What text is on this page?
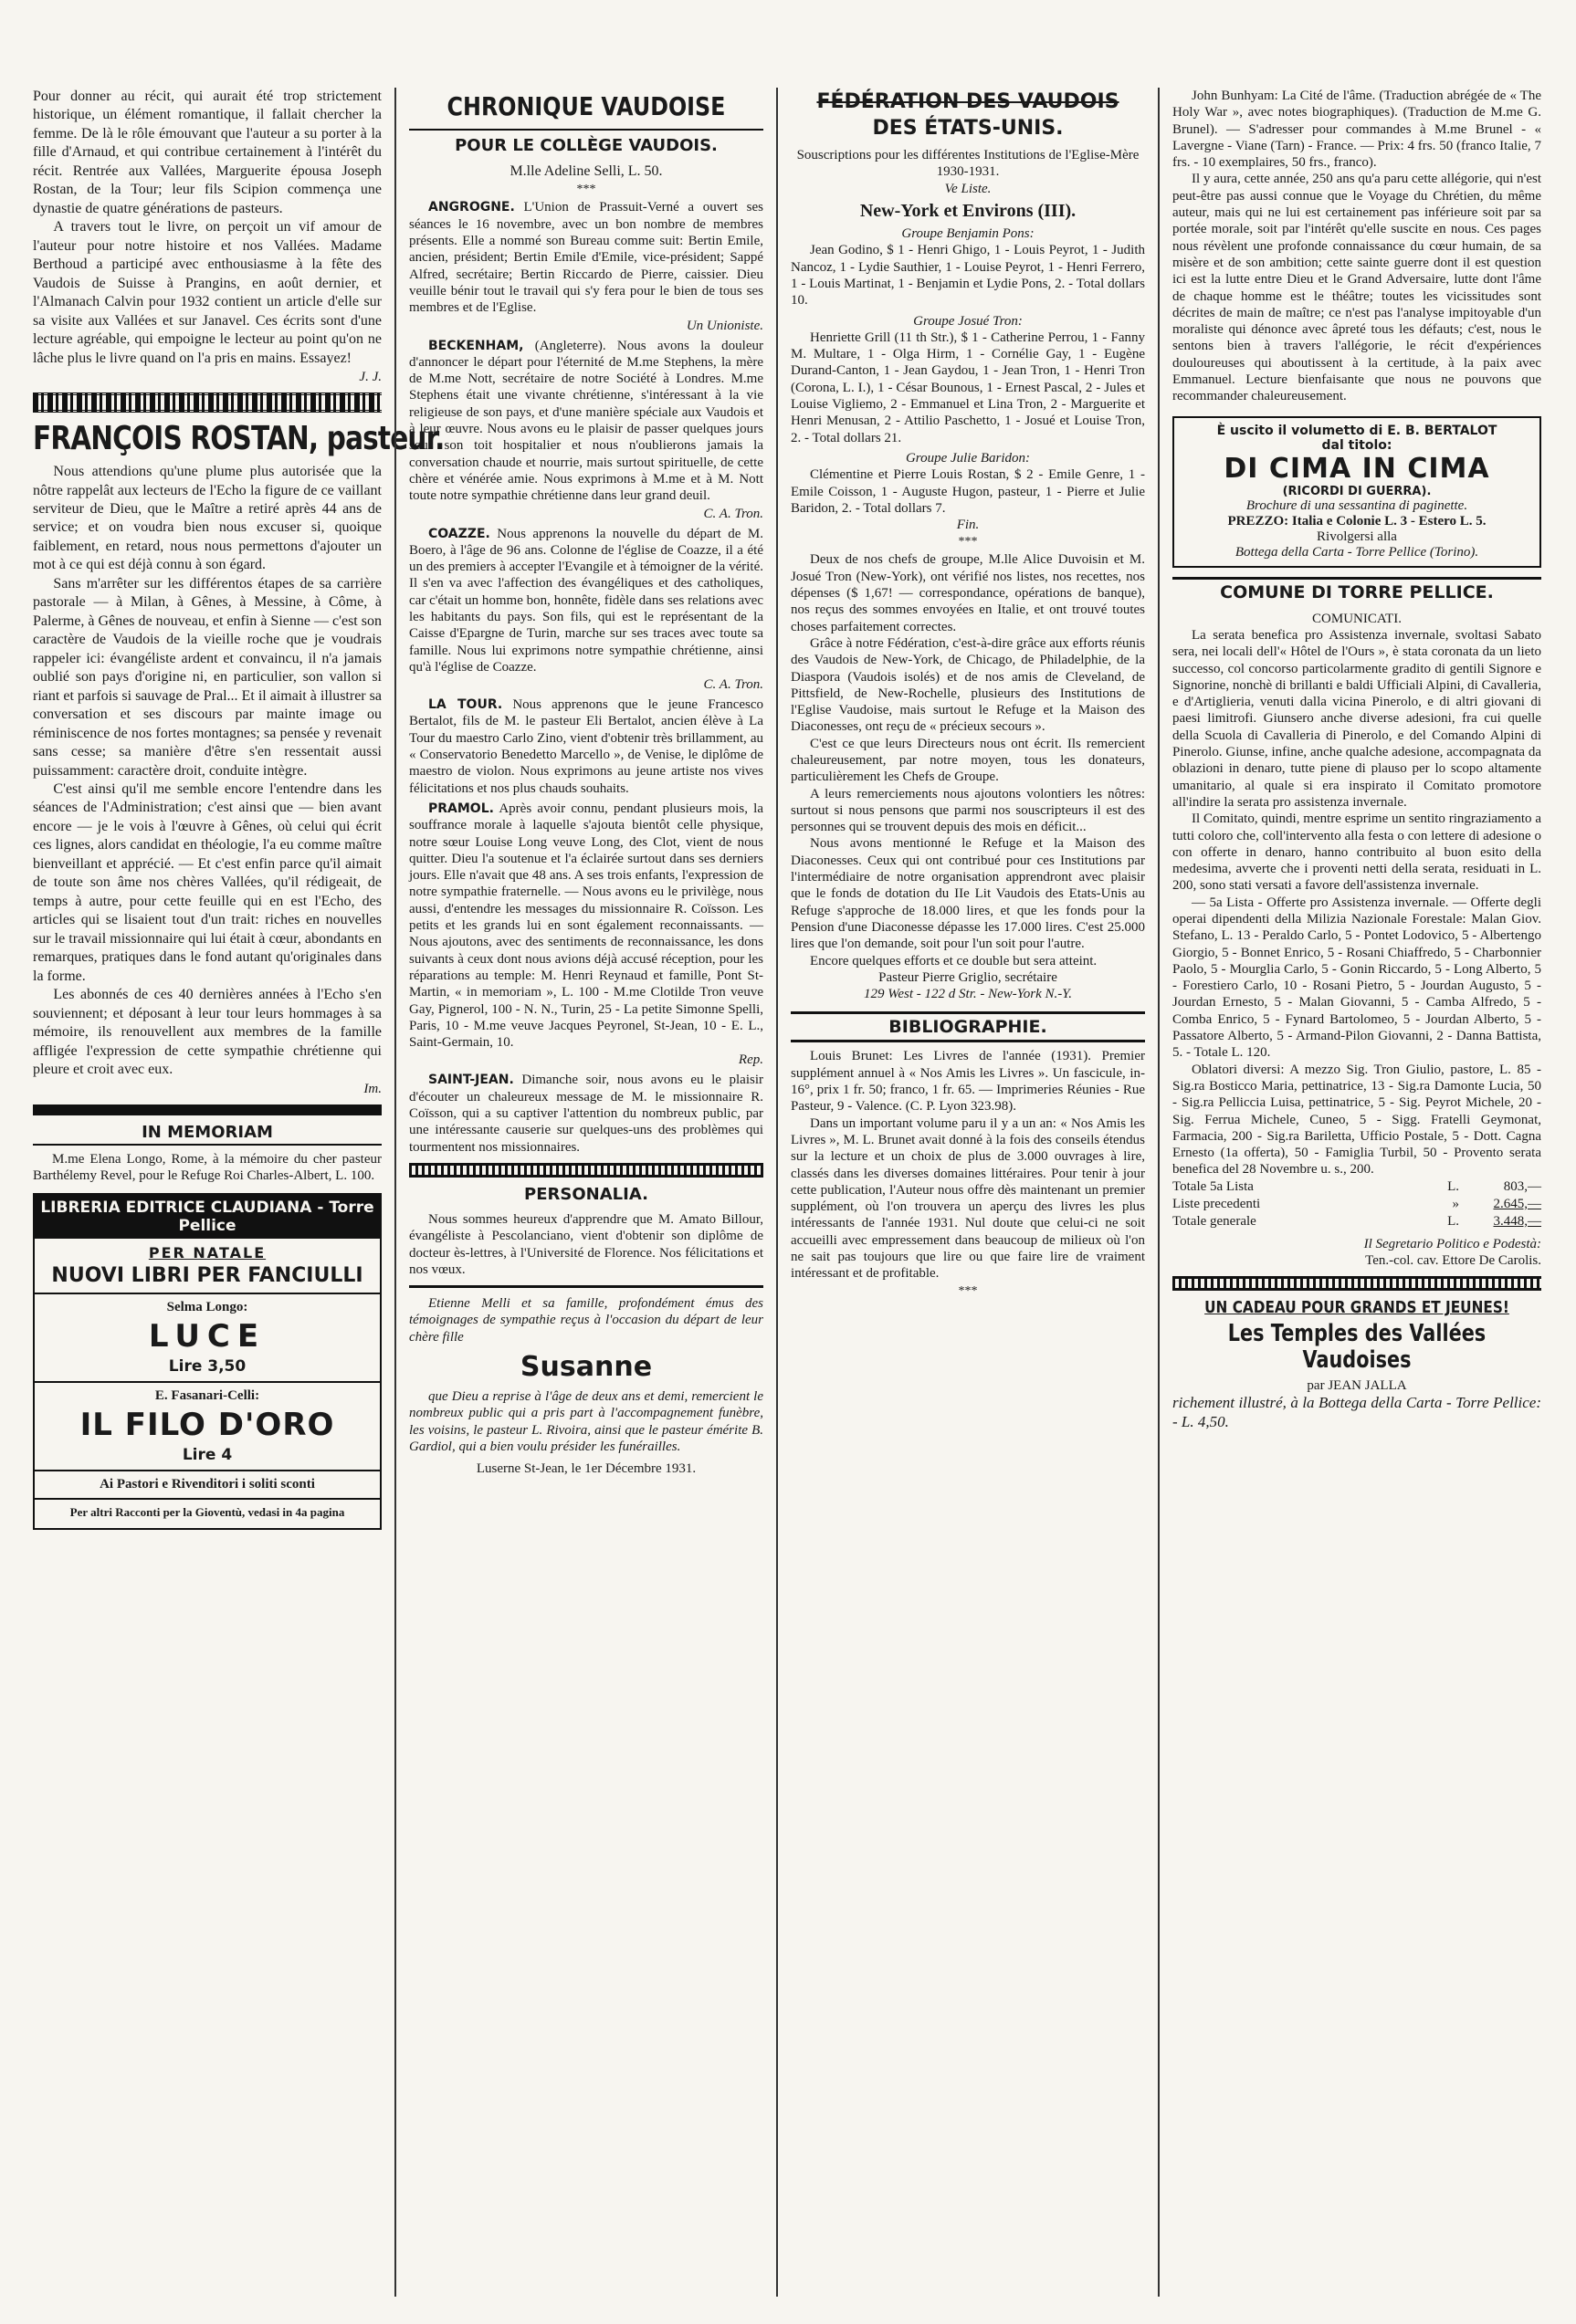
Pour donner au récit, qui aurait été trop strictement historique, un élément romantique, il fallait chercher la femme. De là le rôle émouvant que l'auteur a su porter à la fille d'Arnaud, et qui contribue certainement à l'intérêt du récit. Rentrée aux Vallées, Marguerite épousa Joseph Rostan, de la Tour; leur fils Scipion commença une dynastie de quatre générations de pasteurs.

A travers tout le livre, on perçoit un vif amour de l'auteur pour notre histoire et nos Vallées. Madame Berthoud a participé avec enthousiasme à la fête des Vaudois de Suisse à Prangins, en août dernier, et l'Almanach Calvin pour 1932 contient un article d'elle sur sa visite aux Vallées et sur Janavel. Ces écrits sont d'une lecture agréable, qui empoigne le lecteur au point qu'on ne lâche plus le livre quand on l'a pris en mains. Essayez!

J. J.
FRANÇOIS ROSTAN, pasteur.

Nous attendions qu'une plume plus autorisée que la nôtre rappelât aux lecteurs de l'Echo la figure de ce vaillant serviteur de Dieu, que le Maître a retiré après 44 ans de service; et on voudra bien nous excuser si, quoique faiblement, en retard, nous nous permettons d'ajouter un mot à ce qui est déjà connu à son égard.

Sans m'arrêter sur les différentos étapes de sa carrière pastorale — à Milan, à Gênes, à Messine, à Côme, à Palerme, à Gênes de nouveau, et enfin à Sienne — c'est son caractère de Vaudois de la vieille roche que je voudrais rappeler ici: évangéliste ardent et convaincu, il n'a jamais oublié son pays d'origine ni, en particulier, son vallon si riant et parfois si sauvage de Pral... Et il aimait à illustrer sa conversation et ses discours par mainte image ou réminiscence de nos fortes montagnes; sa pensée y revenait sans cesse; sa manière d'être s'en ressentait aussi puissamment: caractère droit, conduite intègre.

C'est ainsi qu'il me semble encore l'entendre dans les séances de l'Administration; c'est ainsi que — bien avant encore — je le vois à l'œuvre à Gênes, où celui qui écrit ces lignes, alors candidat en théologie, l'a eu comme maître bienveillant et apprécié. — Et c'est enfin parce qu'il aimait de toute son âme nos chères Vallées, qu'il rédigeait, de temps à autre, pour cette feuille qui en est l'Echo, des articles qui se lisaient tout d'un trait: riches en nouvelles sur le travail missionnaire qui lui était à cœur, abondants en remarques, pratiques dans le fond autant qu'originales dans la forme.

Les abonnés de ces 40 dernières années à l'Echo s'en souviennent; et déposant à leur tour leurs hommages à sa mémoire, ils renouvellent aux membres de la famille affligée l'expression de cette sympathie chrétienne qui pleure et croit avec eux.

Im.
IN MEMORIAM

M.me Elena Longo, Rome, à la mémoire du cher pasteur Barthélemy Revel, pour le Refuge Roi Charles-Albert, L. 100.

LIBRERIA EDITRICE CLAUDIANA - Torre Pellice
PER NATALE
NUOVI LIBRI PER FANCIULLI
Selma Longo:
LUCE
Lire 3,50
E. Fasanari-Celli:
IL FILO D'ORO
Lire 4
Ai Pastori e Rivenditori i soliti sconti
Per altri Racconti per la Gioventù, vedasi in 4a pagina
CHRONIQUE VAUDOISE
POUR LE COLLÈGE VAUDOIS.

M.lle Adeline Selli, L. 50.

***

ANGROGNE. L'Union de Prassuit-Verné a ouvert ses séances le 16 novembre, avec un bon nombre de membres présents. Elle a nommé son Bureau comme suit: Bertin Emile, ancien, président; Bertin Emile d'Emile, vice-président; Sappé Alfred, secrétaire; Bertin Riccardo de Pierre, caissier. Dieu veuille bénir tout le travail qui s'y fera pour le bien de tous ses membres et de l'Eglise.

Un Unioniste.

BECKENHAM, (Angleterre). Nous avons la douleur d'annoncer le départ pour l'éternité de M.me Stephens, la mère de M.me Nott, secrétaire de notre Société à Londres. M.me Stephens était une vivante chrétienne, s'intéressant à la vie religieuse de son pays, et d'une manière spéciale aux Vaudois et à leur œuvre. Nous avons eu le plaisir de passer quelques jours sous son toit hospitalier et nous n'oublierons jamais la conversation chaude et nourrie, mais surtout spirituelle, de cette chère et vénérée amie. Nous exprimons à M.me et à M. Nott toute notre sympathie chrétienne dans leur grand deuil.

C. A. Tron.

COAZZE. Nous apprenons la nouvelle du départ de M. Boero, à l'âge de 96 ans. Colonne de l'église de Coazze, il a été un des premiers à accepter l'Evangile et à témoigner de la vérité. Il s'en va avec l'affection des évangéliques et des catholiques, car c'était un homme bon, honnête, fidèle dans ses relations avec les habitants du pays. Son fils, qui est le représentant de la Caisse d'Epargne de Turin, marche sur ses traces avec toute sa famille. Nous lui exprimons notre sympathie chrétienne, ainsi qu'à l'église de Coazze.

C. A. Tron.

LA TOUR. Nous apprenons que le jeune Francesco Bertalot, fils de M. le pasteur Eli Bertalot, ancien élève à La Tour du maestro Carlo Zino, vient d'obtenir très brillamment, au « Conservatorio Benedetto Marcello », de Venise, le diplôme de maestro de violon. Nous exprimons au jeune artiste nos vives félicitations et nos plus chauds souhaits.

PRAMOL. Après avoir connu, pendant plusieurs mois, la souffrance morale à laquelle s'ajouta bientôt celle physique, notre sœur Louise Long veuve Long, des Clot, vient de nous quitter. Dieu l'a soutenue et l'a éclairée surtout dans ses derniers jours. Elle n'avait que 48 ans. A ses trois enfants, l'expression de notre sympathie fraternelle. — Nous avons eu le privilège, nous aussi, d'entendre les messages du missionnaire R. Coïsson. Les petits et les grands lui en sont également reconnaissants. — Nous ajoutons, avec des sentiments de reconnaissance, les dons suivants à ceux dont nous avions déjà accusé réception, pour les réparations au temple: M. Henri Reynaud et famille, Pont St-Martin, « in memoriam », L. 100 - M.me Clotilde Tron veuve Gay, Pignerol, 100 - N. N., Turin, 25 - La petite Simonne Spelli, Paris, 10 - M.me veuve Jacques Peyronel, St-Jean, 10 - E. L., Saint-Germain, 10.

Rep.

SAINT-JEAN. Dimanche soir, nous avons eu le plaisir d'écouter un chaleureux message de M. le missionnaire R. Coïsson, qui a su captiver l'attention du nombreux public, par une intéressante causerie sur quelques-uns des problèmes qui tourmentent nos missionnaires.

PERSONALIA.

Nous sommes heureux d'apprendre que M. Amato Billour, évangéliste à Pescolanciano, vient d'obtenir son diplôme de docteur ès-lettres, à l'Université de Florence. Nos félicitations et nos vœux.

Etienne Melli et sa famille, profondément émus des témoignages de sympathie reçus à l'occasion du départ de leur chère fille

Susanne

que Dieu a reprise à l'âge de deux ans et demi, remercient le nombreux public qui a pris part à l'accompagnement funèbre, les voisins, le pasteur L. Rivoira, ainsi que le pasteur émérite B. Gardiol, qui a bien voulu présider les funérailles.

Luserne St-Jean, le 1er Décembre 1931.

FÉDÉRATION DES VAUDOIS
DES ÉTATS-UNIS.

Souscriptions pour les différentes Institutions de l'Eglise-Mère 1930-1931.

Ve Liste.

New-York et Environs (III).

Groupe Benjamin Pons:

Jean Godino, $ 1 - Henri Ghigo, 1 - Louis Peyrot, 1 - Judith Nancoz, 1 - Lydie Sauthier, 1 - Louise Peyrot, 1 - Henri Ferrero, 1 - Louis Martinat, 1 - Benjamin et Lydie Pons, 2. - Total dollars 10.

Groupe Josué Tron:

Henriette Grill (11 th Str.), $ 1 - Catherine Perrou, 1 - Fanny M. Multare, 1 - Olga Hirm, 1 - Cornélie Gay, 1 - Eugène Durand-Canton, 1 - Jean Gaydou, 1 - Jean Tron, 1 - Henri Tron (Corona, L. I.), 1 - César Bounous, 1 - Ernest Pascal, 2 - Jules et Louise Vigliemo, 2 - Emmanuel et Lina Tron, 2 - Marguerite et Henri Menusan, 2 - Attilio Paschetto, 1 - Josué et Louise Tron, 2. - Total dollars 21.

Groupe Julie Baridon:

Clémentine et Pierre Louis Rostan, $ 2 - Emile Genre, 1 - Emile Coisson, 1 - Auguste Hugon, pasteur, 1 - Pierre et Julie Baridon, 2. - Total dollars 7.

Fin.

***

Deux de nos chefs de groupe, M.lle Alice Duvoisin et M. Josué Tron (New-York), ont vérifié nos listes, nos recettes, nos dépenses ($ 1,67! — correspondance, opérations de banque), nos reçus des sommes envoyées en Italie, et ont trouvé toutes choses parfaitement correctes.

Grâce à notre Fédération, c'est-à-dire grâce aux efforts réunis des Vaudois de New-York, de Chicago, de Philadelphie, de la Diaspora (Vaudois isolés) et de nos amis de Cleveland, de Pittsfield, de New-Rochelle, plusieurs des Institutions de l'Eglise Vaudoise, mais surtout le Refuge et la Maison des Diaconesses, ont reçu de « précieux secours ».

C'est ce que leurs Directeurs nous ont écrit. Ils remercient chaleureusement, par notre moyen, tous les donateurs, particulièrement les Chefs de Groupe.

A leurs remerciements nous ajoutons volontiers les nôtres: surtout si nous pensons que parmi nos souscripteurs il est des personnes qui se trouvent depuis des mois en déficit...

Nous avons mentionné le Refuge et la Maison des Diaconesses. Ceux qui ont contribué pour ces Institutions par l'intermédiaire de notre organisation apprendront avec plaisir que le fonds de dotation du IIe Lit Vaudois des Etats-Unis au Refuge s'approche de 18.000 lires, et que les fonds pour la Pension d'une Diaconesse dépasse les 17.000 lires. C'est 25.000 lires que l'on demande, soit pour l'un soit pour l'autre.

Encore quelques efforts et ce double but sera atteint.

Pasteur Pierre Griglio, secrétaire

129 West - 122 d Str. - New-York N.-Y.

BIBLIOGRAPHIE.

Louis Brunet: Les Livres de l'année (1931). Premier supplément annuel à « Nos Amis les Livres ». Un fascicule, in-16°, prix 1 fr. 50; franco, 1 fr. 65. — Imprimeries Réunies - Rue Pasteur, 9 - Valence. (C. P. Lyon 323.98).

Dans un important volume paru il y a un an: « Nos Amis les Livres », M. L. Brunet avait donné à la fois des conseils étendus sur la lecture et un choix de plus de 3.000 ouvrages à lire, classés dans les diverses domaines littéraires. Pour tenir à jour cette publication, l'Auteur nous offre dès maintenant un premier supplément, où l'on trouvera un aperçu des livres les plus intéressants de l'année 1931. Nul doute que celui-ci ne soit accueilli avec empressement dans beaucoup de milieux où l'on ne sait pas toujours que lire ou que faire lire de vraiment intéressant et de profitable.

***

John Bunhyam: La Cité de l'âme. (Traduction abrégée de « The Holy War », avec notes biographiques). (Traduction de M.me G. Brunel). — S'adresser pour commandes à M.me Brunel - « Lavergne - Viane (Tarn) - France. — Prix: 4 frs. 50 (franco Italie, 7 frs. - 10 exemplaires, 50 frs., franco).

Il y aura, cette année, 250 ans qu'a paru cette allégorie, qui n'est peut-être pas aussi connue que le Voyage du Chrétien, du même auteur, mais qui ne lui est certainement pas inférieure soit par sa portée morale, soit par l'intérêt qu'elle suscite en nous. Ces pages nous révèlent une profonde connaissance du cœur humain, de sa misère et de son ambition; cette sainte guerre dont il est question ici est la lutte entre Dieu et le Grand Adversaire, lutte dont l'âme de chaque homme est le théâtre; toutes les vicissitudes sont décrites de main de maître; ce n'est pas l'analyse impitoyable d'un moraliste qui dénonce avec âpreté tous les défauts; c'est, nous le sentons bien à travers l'allégorie, le récit d'expériences douloureuses qui aboutissent à la certitude, à la paix avec Emmanuel. Lecture bienfaisante que nous ne pouvons que recommander chaleureusement.

È uscito il volumetto di E. B. BERTALOT
dal titolo:
DI CIMA IN CIMA
(RICORDI DI GUERRA).
Brochure di una sessantina di paginette.
PREZZO: Italia e Colonie L. 3 - Estero L. 5.
Rivolgersi alla
Bottega della Carta - Torre Pellice (Torino).
COMUNE DI TORRE PELLICE.

COMUNICATI.

La serata benefica pro Assistenza invernale, svoltasi Sabato sera, nei locali dell'« Hôtel de l'Ours », è stata coronata da un lieto successo, col concorso particolarmente gradito di gentili Signore e Signorine, nonchè di brillanti e baldi Ufficiali Alpini, di Cavalleria, e d'Artiglieria, venuti dalla vicina Pinerolo, e di altri giovani di paesi limitrofi. Giunsero anche diverse adesioni, fra cui quelle della Scuola di Cavalleria di Pinerolo, e del Comando Alpini di Pinerolo. Giunse, infine, anche qualche adesione, accompagnata da oblazioni in denaro, tutte piene di plauso per lo scopo altamente umanitario, al quale si era inspirato il Comitato promotore all'indire la serata pro assistenza invernale.

Il Comitato, quindi, mentre esprime un sentito ringraziamento a tutti coloro che, coll'intervento alla festa o con lettere di adesione o con offerte in denaro, hanno contribuito al buon esito della medesima, avverte che i proventi netti della serata, residuati in L. 200, sono stati versati a favore dell'assistenza invernale.

— 5a Lista - Offerte pro Assistenza invernale. — Offerte degli operai dipendenti della Milizia Nazionale Forestale: Malan Giov. Stefano, L. 13 - Peraldo Carlo, 5 - Pontet Lodovico, 5 - Albertengo Giorgio, 5 - Bonnet Enrico, 5 - Rosani Chiaffredo, 5 - Charbonnier Paolo, 5 - Mourglia Carlo, 5 - Gonin Riccardo, 5 - Long Alberto, 5 - Forestiero Carlo, 10 - Rosani Pietro, 5 - Jourdan Augusto, 5 - Jourdan Ernesto, 5 - Malan Giovanni, 5 - Camba Alfredo, 5 - Comba Enrico, 5 - Fynard Bartolomeo, 5 - Jourdan Alberto, 5 - Passatore Alberto, 5 - Armand-Pilon Giovanni, 2 - Danna Battista, 5. - Totale L. 120.

Oblatori diversi: A mezzo Sig. Tron Giulio, pastore, L. 85 - Sig.ra Bosticco Maria, pettinatrice, 13 - Sig.ra Damonte Lucia, 50 - Sig.ra Pelliccia Luisa, pettinatrice, 5 - Sig. Peyrot Michele, 20 - Sig. Ferrua Michele, Cuneo, 5 - Sigg. Fratelli Geymonat, Farmacia, 200 - Sig.ra Bariletta, Ufficio Postale, 5 - Dott. Cagna Ernesto (1a offerta), 50 - Famiglia Turbil, 50 - Provento serata benefica del 28 Novembre u. s., 200.

Totale 5a Lista	L.	803,—
Liste precedenti	»	2.645,—
Totale generale	L.	3.448,—

Il Segretario Politico e Podestà:

Ten.-col. cav. Ettore De Carolis.

UN CADEAU POUR GRANDS ET JEUNES!
Les Temples des Vallées Vaudoises

par JEAN JALLA

richement illustré, à la Bottega della Carta - Torre Pellice: - L. 4,50.
